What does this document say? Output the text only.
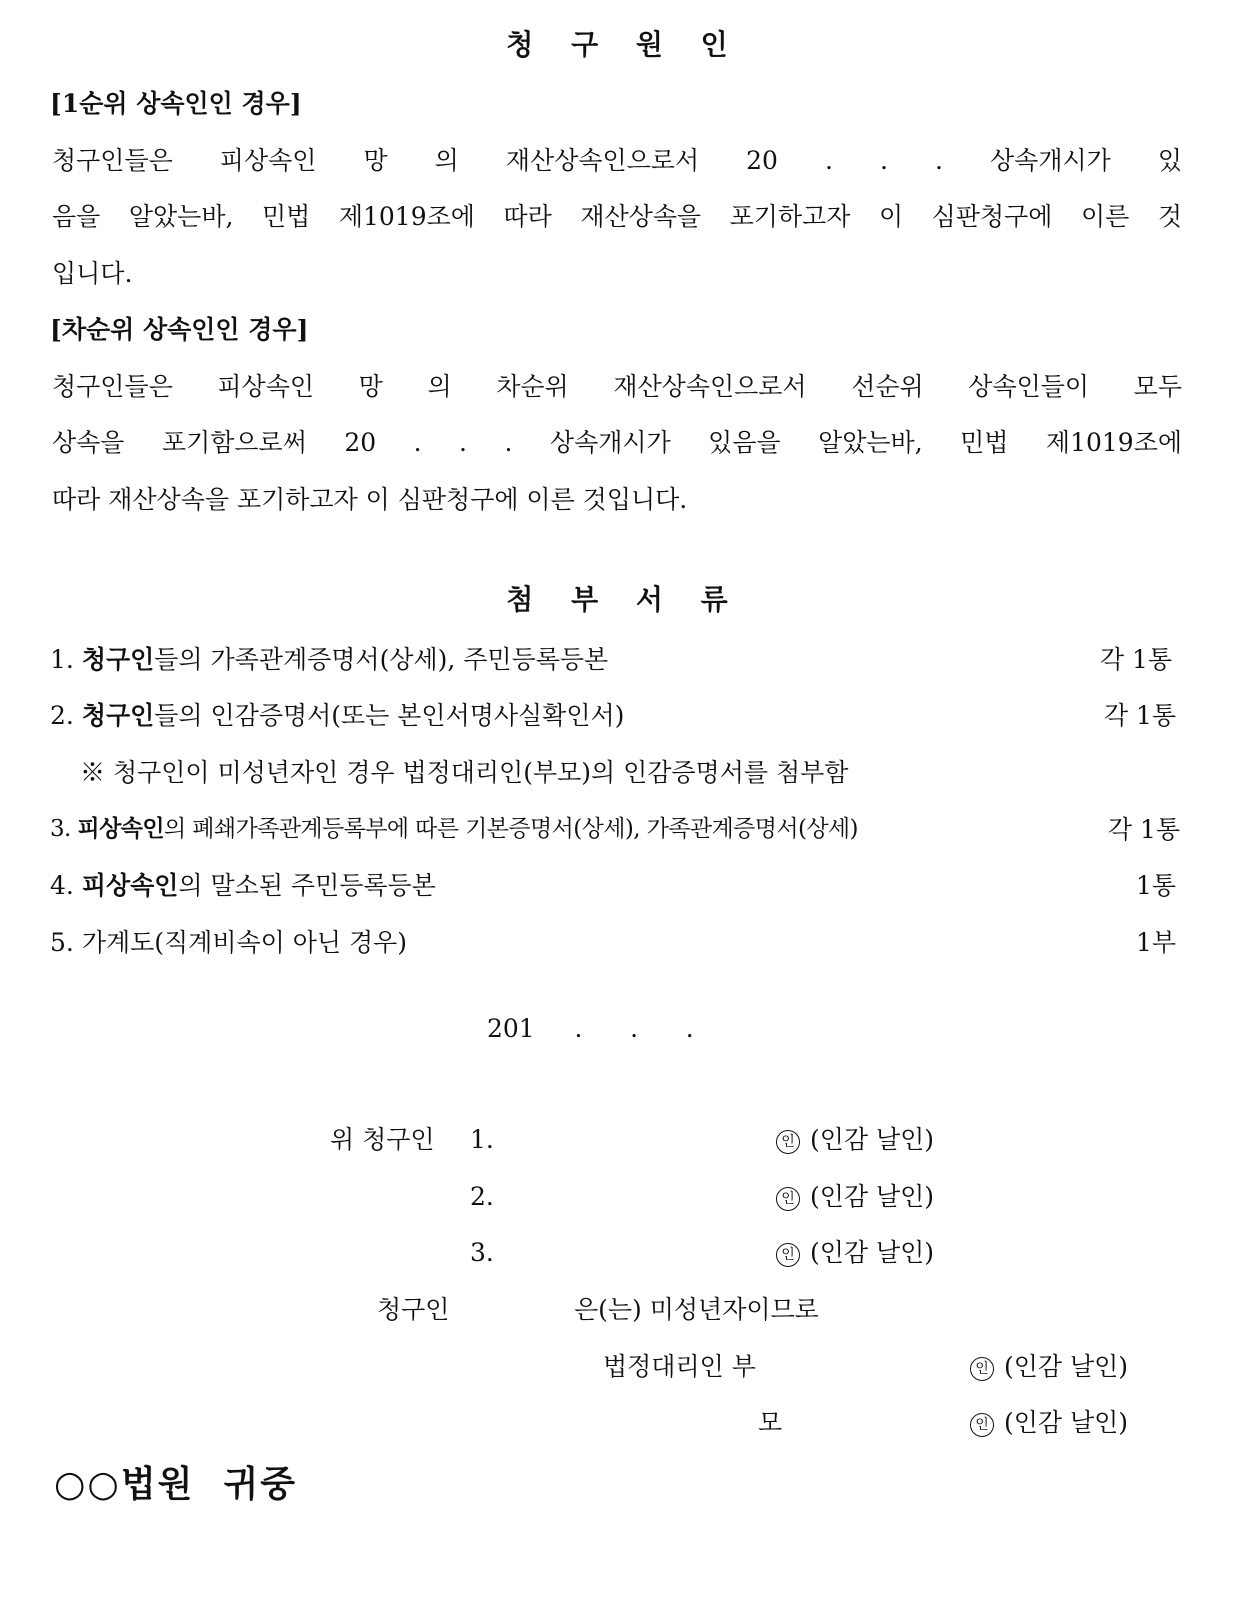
청 구 원 인
[1순위 상속인인 경우]
청구인들은 피상속인 망 의 재산상속인으로서 20 . . . 상속개시가 있
음을 알았는바, 민법 제1019조에 따라 재산상속을 포기하고자 이 심판청구에 이른 것
입니다.
[차순위 상속인인 경우]
청구인들은 피상속인 망 의 차순위 재산상속인으로서 선순위 상속인들이 모두
상속을 포기함으로써 20 . . . 상속개시가 있음을 알았는바, 민법 제1019조에
따라 재산상속을 포기하고자 이 심판청구에 이른 것입니다.
첨 부 서 류
1. 청구인들의 가족관계증명서(상세), 주민등록등본	각 1통
2. 청구인들의 인감증명서(또는 본인서명사실확인서)	각 1통
※ 청구인이 미성년자인 경우 법정대리인(부모)의 인감증명서를 첨부함
3. 피상속인의 폐쇄가족관계등록부에 따른 기본증명서(상세), 가족관계증명서(상세)	각 1통
4. 피상속인의 말소된 주민등록등본	1통
5. 가계도(직계비속이 아닌 경우)	1부
201     .      .      .
위 청구인 1.	인 (인감 날인)
2.	인 (인감 날인)
3.	인 (인감 날인)
청구인	은(는) 미성년자이므로
법정대리인 부	인 (인감 날인)
모	인 (인감 날인)
○○법원  귀중
